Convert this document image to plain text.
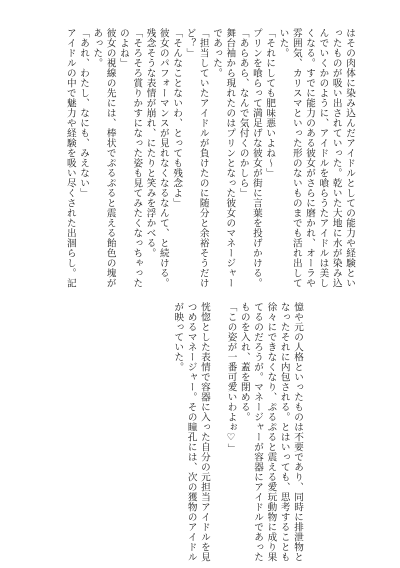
はその肉体に染み込んだアイドルとしての能力や経験とい
ったものが吸い出されていった。乾いた大地に水が染み込
んでいくかのように、アイドルを喰らうたアイドルは美し
くなる。すでに能力のある彼女がさらに磨かれ、オーラや
雰囲気、カリスマといった形のないものまでも活れ出して
いた。
「それにしても肥味悪いよね～」
プリンを喰らって満足げな彼女が街に言葉を投げかける。
「あらあら、なんで気付くのかしら」
舞台袖から現れたのはプリンとなった彼女のマネージャー
であった。
「担当していたアイドルが負けたのに随分と余裕そうだけ
ど？」
「そんなことないわ、とっても残念よ」
彼女のパフォーマンスが見れなくなるなんて、と続ける。
残念そうな表情が崩れ、にたりと笑みを浮かべる。
「そろそろ賞りかすになった姿も見てみたくなっちゃった
のよね」
彼女の視線の先には、棒状でぷるぷると震える飴色の塊が
あった。
「あれ、わたし、なにも、みえない」
アイドルの中で魅力や経験を吸い尽くされた出涸らし。記
憶や元の人格といったものは不要であり、同時に排泄物と
なったそれに内包される。とはいっても、思考することも
徐々にできなくなり、ぷるぷると震える愛玩動物に成り果
てるのだろうが。マネージャーが容器にアイドルであった
ものを入れ、蓋を閉める。
「この姿が一番可愛いわよぉ♡」

恍惚とした表情で容器に入った自分の元担当アイドルを見
つめるマネージャー。その瞳孔には、次の獲物のアイドル
が映っていた。
